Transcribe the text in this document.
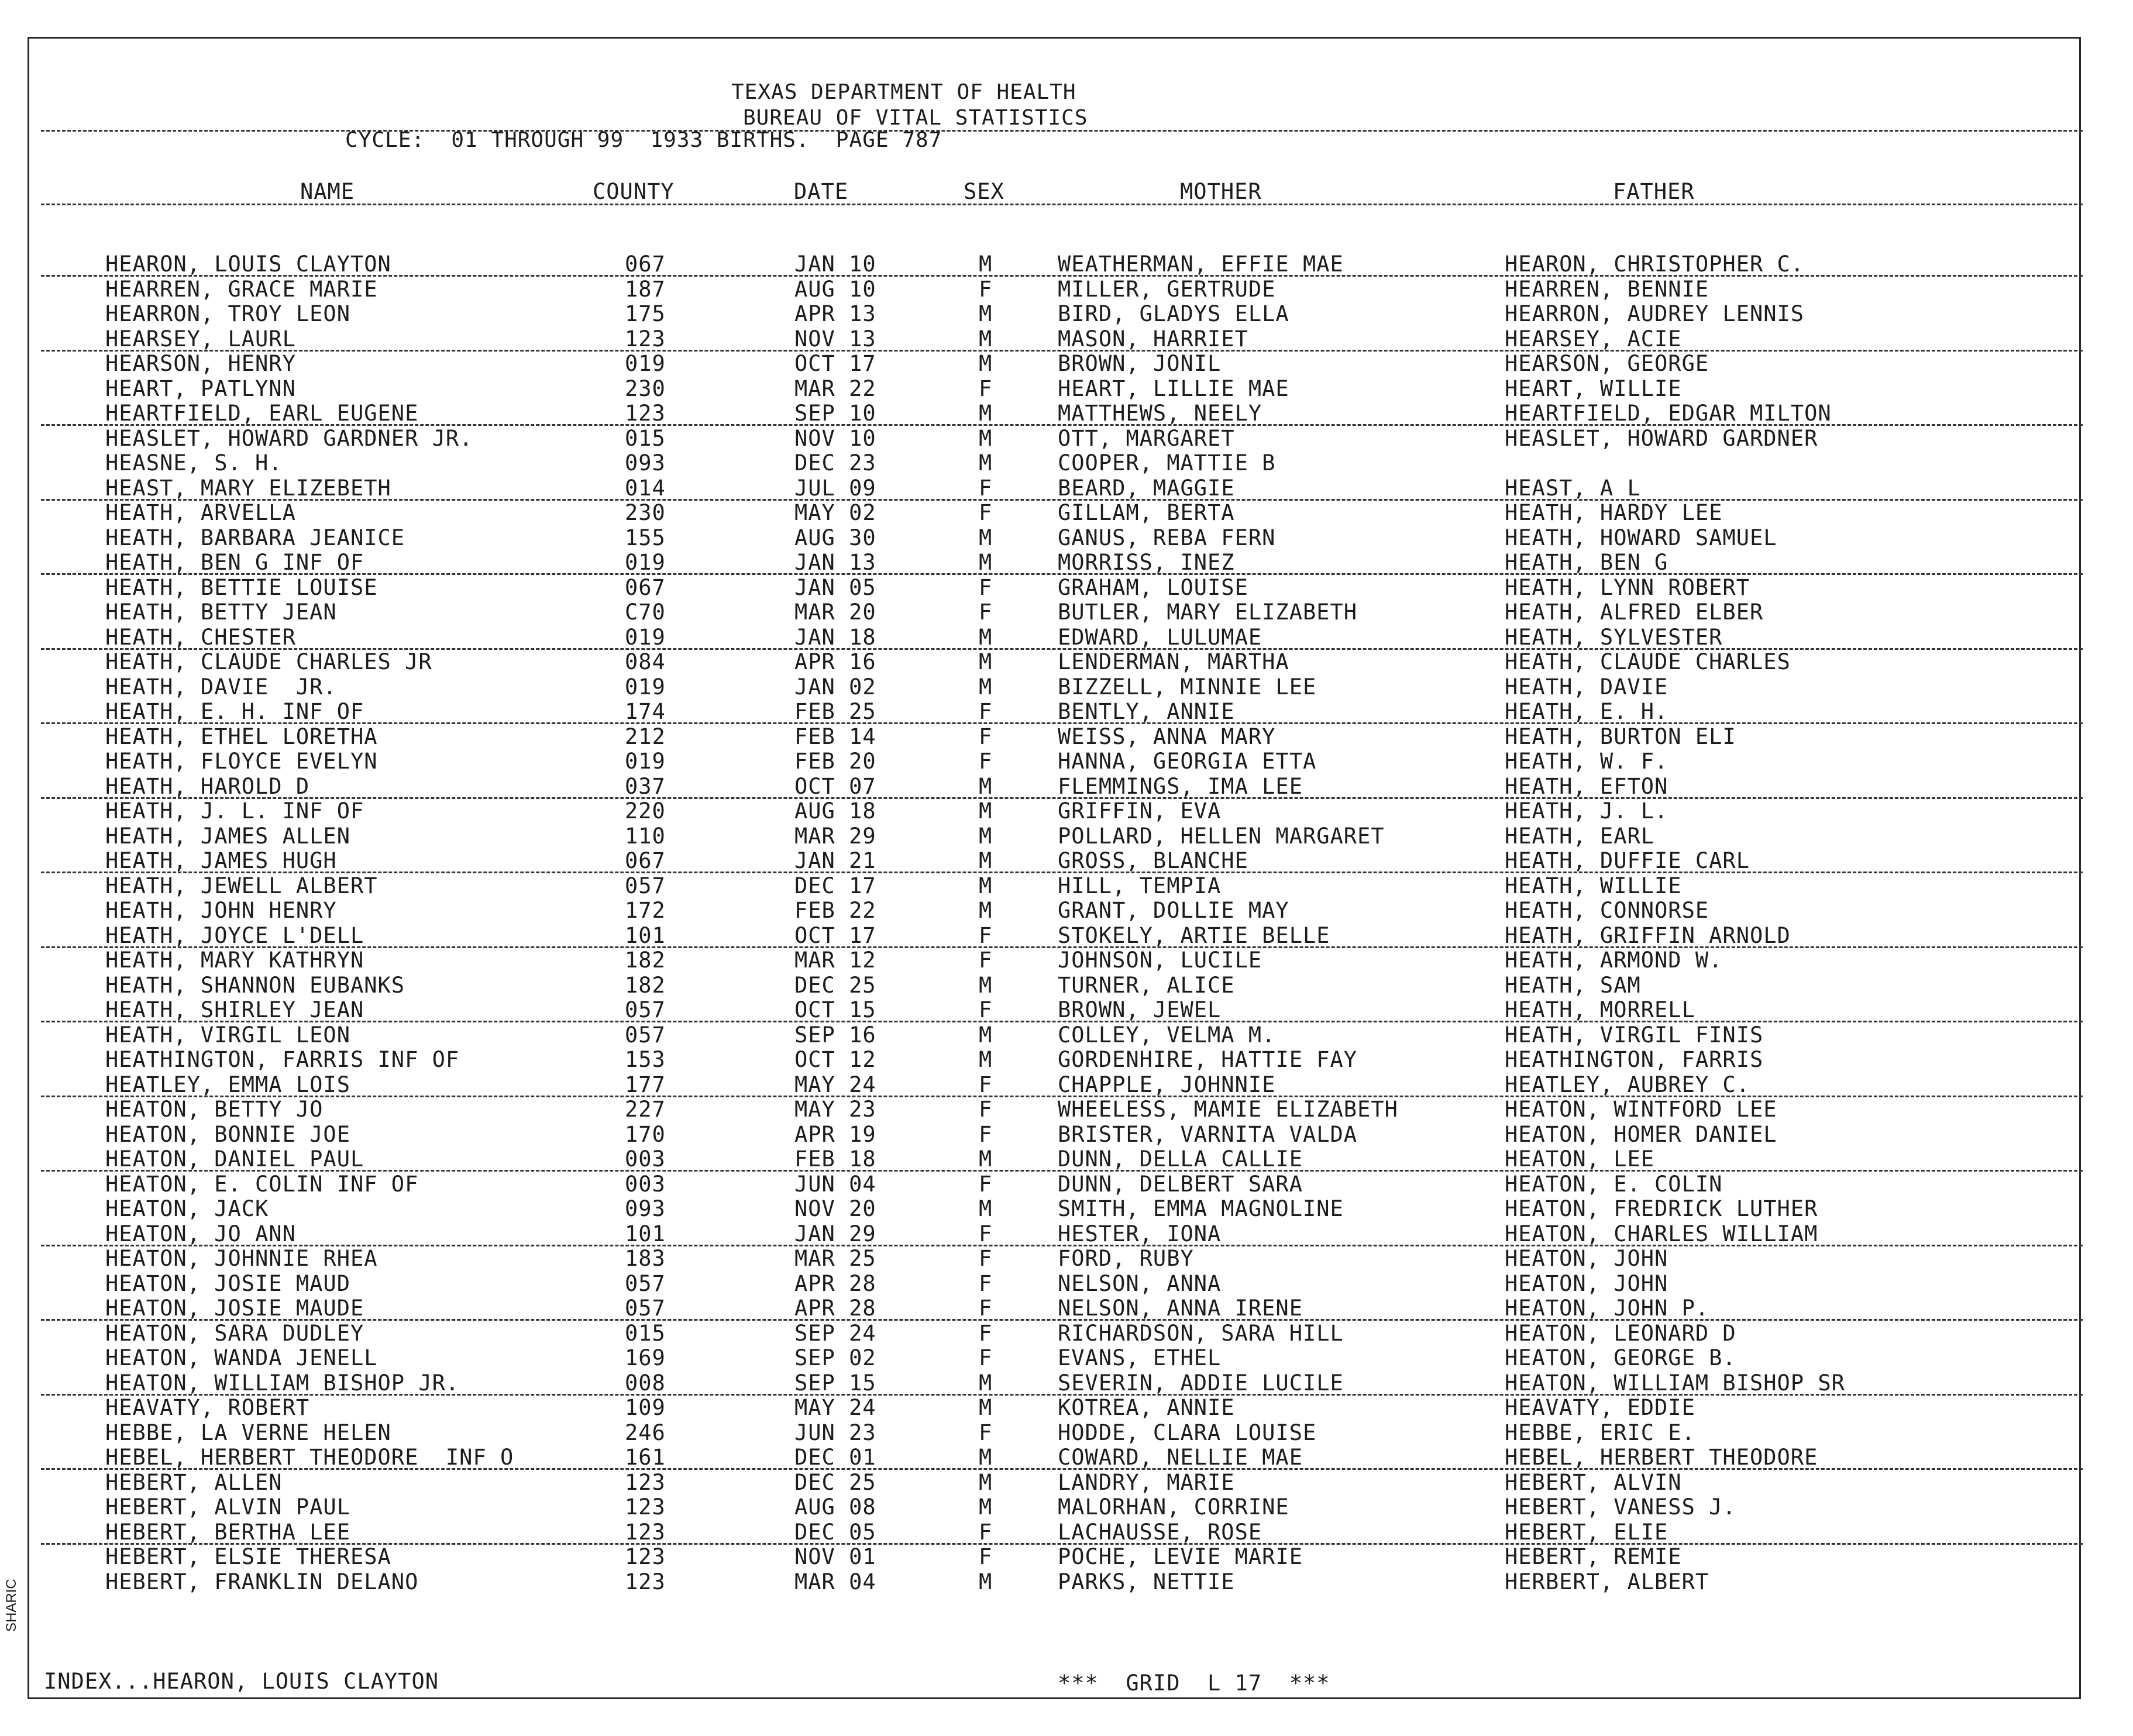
TEXAS DEPARTMENT OF HEALTH
BUREAU OF VITAL STATISTICS
CYCLE:  01 THROUGH 99  1933 BIRTHS.  PAGE 787
NAME	COUNTY	DATE	SEX	MOTHER	FATHER
HEARON, LOUIS CLAYTON	067	JAN 10	M	WEATHERMAN, EFFIE MAE	HEARON, CHRISTOPHER C.
HEARREN, GRACE MARIE	187	AUG 10	F	MILLER, GERTRUDE	HEARREN, BENNIE
HEARRON, TROY LEON	175	APR 13	M	BIRD, GLADYS ELLA	HEARRON, AUDREY LENNIS
HEARSEY, LAURL	123	NOV 13	M	MASON, HARRIET	HEARSEY, ACIE
HEARSON, HENRY	019	OCT 17	M	BROWN, JONIL	HEARSON, GEORGE
HEART, PATLYNN	230	MAR 22	F	HEART, LILLIE MAE	HEART, WILLIE
HEARTFIELD, EARL EUGENE	123	SEP 10	M	MATTHEWS, NEELY	HEARTFIELD, EDGAR MILTON
HEASLET, HOWARD GARDNER JR.	015	NOV 10	M	OTT, MARGARET	HEASLET, HOWARD GARDNER
HEASNE, S. H.	093	DEC 23	M	COOPER, MATTIE B
HEAST, MARY ELIZEBETH	014	JUL 09	F	BEARD, MAGGIE	HEAST, A L
HEATH, ARVELLA	230	MAY 02	F	GILLAM, BERTA	HEATH, HARDY LEE
HEATH, BARBARA JEANICE	155	AUG 30	M	GANUS, REBA FERN	HEATH, HOWARD SAMUEL
HEATH, BEN G INF OF	019	JAN 13	M	MORRISS, INEZ	HEATH, BEN G
HEATH, BETTIE LOUISE	067	JAN 05	F	GRAHAM, LOUISE	HEATH, LYNN ROBERT
HEATH, BETTY JEAN	C70	MAR 20	F	BUTLER, MARY ELIZABETH	HEATH, ALFRED ELBER
HEATH, CHESTER	019	JAN 18	M	EDWARD, LULUMAE	HEATH, SYLVESTER
HEATH, CLAUDE CHARLES JR	084	APR 16	M	LENDERMAN, MARTHA	HEATH, CLAUDE CHARLES
HEATH, DAVIE  JR.	019	JAN 02	M	BIZZELL, MINNIE LEE	HEATH, DAVIE
HEATH, E. H. INF OF	174	FEB 25	F	BENTLY, ANNIE	HEATH, E. H.
HEATH, ETHEL LORETHA	212	FEB 14	F	WEISS, ANNA MARY	HEATH, BURTON ELI
HEATH, FLOYCE EVELYN	019	FEB 20	F	HANNA, GEORGIA ETTA	HEATH, W. F.
HEATH, HAROLD D	037	OCT 07	M	FLEMMINGS, IMA LEE	HEATH, EFTON
HEATH, J. L. INF OF	220	AUG 18	M	GRIFFIN, EVA	HEATH, J. L.
HEATH, JAMES ALLEN	110	MAR 29	M	POLLARD, HELLEN MARGARET	HEATH, EARL
HEATH, JAMES HUGH	067	JAN 21	M	GROSS, BLANCHE	HEATH, DUFFIE CARL
HEATH, JEWELL ALBERT	057	DEC 17	M	HILL, TEMPIA	HEATH, WILLIE
HEATH, JOHN HENRY	172	FEB 22	M	GRANT, DOLLIE MAY	HEATH, CONNORSE
HEATH, JOYCE L'DELL	101	OCT 17	F	STOKELY, ARTIE BELLE	HEATH, GRIFFIN ARNOLD
HEATH, MARY KATHRYN	182	MAR 12	F	JOHNSON, LUCILE	HEATH, ARMOND W.
HEATH, SHANNON EUBANKS	182	DEC 25	M	TURNER, ALICE	HEATH, SAM
HEATH, SHIRLEY JEAN	057	OCT 15	F	BROWN, JEWEL	HEATH, MORRELL
HEATH, VIRGIL LEON	057	SEP 16	M	COLLEY, VELMA M.	HEATH, VIRGIL FINIS
HEATHINGTON, FARRIS INF OF	153	OCT 12	M	GORDENHIRE, HATTIE FAY	HEATHINGTON, FARRIS
HEATLEY, EMMA LOIS	177	MAY 24	F	CHAPPLE, JOHNNIE	HEATLEY, AUBREY C.
HEATON, BETTY JO	227	MAY 23	F	WHEELESS, MAMIE ELIZABETH	HEATON, WINTFORD LEE
HEATON, BONNIE JOE	170	APR 19	F	BRISTER, VARNITA VALDA	HEATON, HOMER DANIEL
HEATON, DANIEL PAUL	003	FEB 18	M	DUNN, DELLA CALLIE	HEATON, LEE
HEATON, E. COLIN INF OF	003	JUN 04	F	DUNN, DELBERT SARA	HEATON, E. COLIN
HEATON, JACK	093	NOV 20	M	SMITH, EMMA MAGNOLINE	HEATON, FREDRICK LUTHER
HEATON, JO ANN	101	JAN 29	F	HESTER, IONA	HEATON, CHARLES WILLIAM
HEATON, JOHNNIE RHEA	183	MAR 25	F	FORD, RUBY	HEATON, JOHN
HEATON, JOSIE MAUD	057	APR 28	F	NELSON, ANNA	HEATON, JOHN
HEATON, JOSIE MAUDE	057	APR 28	F	NELSON, ANNA IRENE	HEATON, JOHN P.
HEATON, SARA DUDLEY	015	SEP 24	F	RICHARDSON, SARA HILL	HEATON, LEONARD D
HEATON, WANDA JENELL	169	SEP 02	F	EVANS, ETHEL	HEATON, GEORGE B.
HEATON, WILLIAM BISHOP JR.	008	SEP 15	M	SEVERIN, ADDIE LUCILE	HEATON, WILLIAM BISHOP SR
HEAVATY, ROBERT	109	MAY 24	M	KOTREA, ANNIE	HEAVATY, EDDIE
HEBBE, LA VERNE HELEN	246	JUN 23	F	HODDE, CLARA LOUISE	HEBBE, ERIC E.
HEBEL, HERBERT THEODORE  INF O	161	DEC 01	M	COWARD, NELLIE MAE	HEBEL, HERBERT THEODORE
HEBERT, ALLEN	123	DEC 25	M	LANDRY, MARIE	HEBERT, ALVIN
HEBERT, ALVIN PAUL	123	AUG 08	M	MALORHAN, CORRINE	HEBERT, VANESS J.
HEBERT, BERTHA LEE	123	DEC 05	F	LACHAUSSE, ROSE	HEBERT, ELIE
HEBERT, ELSIE THERESA	123	NOV 01	F	POCHE, LEVIE MARIE	HEBERT, REMIE
HEBERT, FRANKLIN DELANO	123	MAR 04	M	PARKS, NETTIE	HERBERT, ALBERT
INDEX...HEARON, LOUIS CLAYTON	***  GRID  L 17  ***
SHARIC
